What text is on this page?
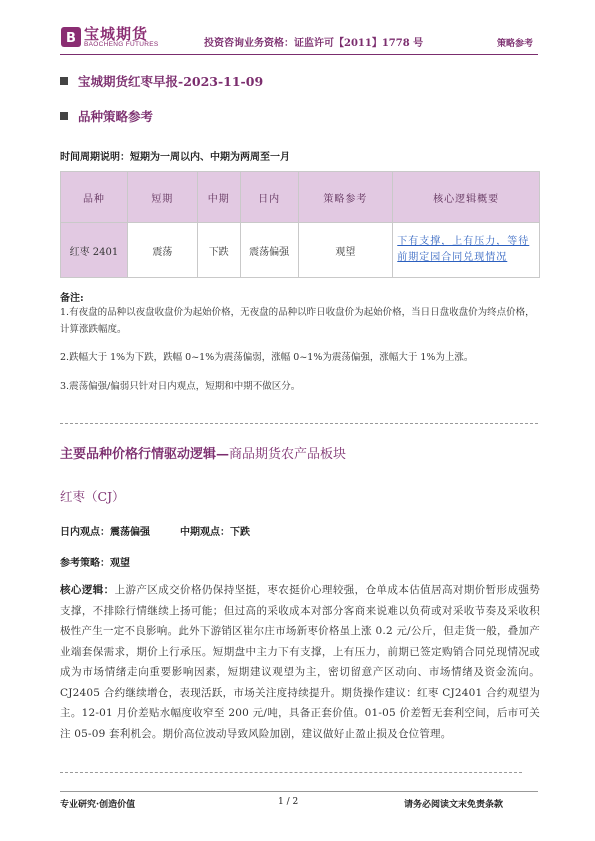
B 宝城期货
BAOCHENG FUTURES	投资咨询业务资格：证监许可【2011】1778 号	策略参考
宝城期货红枣早报-2023-11-09
品种策略参考
时间周期说明：短期为一周以内、中期为两周至一月
品种	短期	中期	日内	策略参考	核心逻辑概要
红枣 2401	震荡	下跌	震荡偏强	观望	下有支撑，上有压力，等待前期定园合同兑现情况
备注:
1.有夜盘的品种以夜盘收盘价为起始价格，无夜盘的品种以昨日收盘价为起始价格，当日日盘收盘价为终点价格，计算涨跌幅度。
2.跌幅大于 1%为下跌，跌幅 0~1%为震荡偏弱，涨幅 0~1%为震荡偏强，涨幅大于 1%为上涨。
3.震荡偏强/偏弱只针对日内观点，短期和中期不做区分。
主要品种价格行情驱动逻辑—商品期货农产品板块
红枣（CJ）
日内观点：震荡偏强	中期观点：下跌
参考策略：观望
核心逻辑：上游产区成交价格仍保持坚挺，枣农挺价心理较强，仓单成本估值居高对期价暂形成强势支撑，不排除行情继续上扬可能；但过高的采收成本对部分客商来说难以负荷或对采收节奏及采收积极性产生一定不良影响。此外下游销区崔尔庄市场新枣价格虽上涨 0.2 元/公斤，但走货一般，叠加产业端套保需求，期价上行承压。短期盘中主力下有支撑，上有压力，前期已签定购销合同兑现情况或成为市场情绪走向重要影响因素，短期建议观望为主，密切留意产区动向、市场情绪及资金流向。CJ2405 合约继续增仓，表现活跃，市场关注度持续提升。期货操作建议：红枣 CJ2401 合约观望为主。12-01 月价差贴水幅度收窄至 200 元/吨，具备正套价值。01-05 价差暂无套利空间，后市可关注 05-09 套利机会。期价高位波动导致风险加剧，建议做好止盈止损及仓位管理。
专业研究·创造价值	1 / 2	请务必阅读文末免责条款
